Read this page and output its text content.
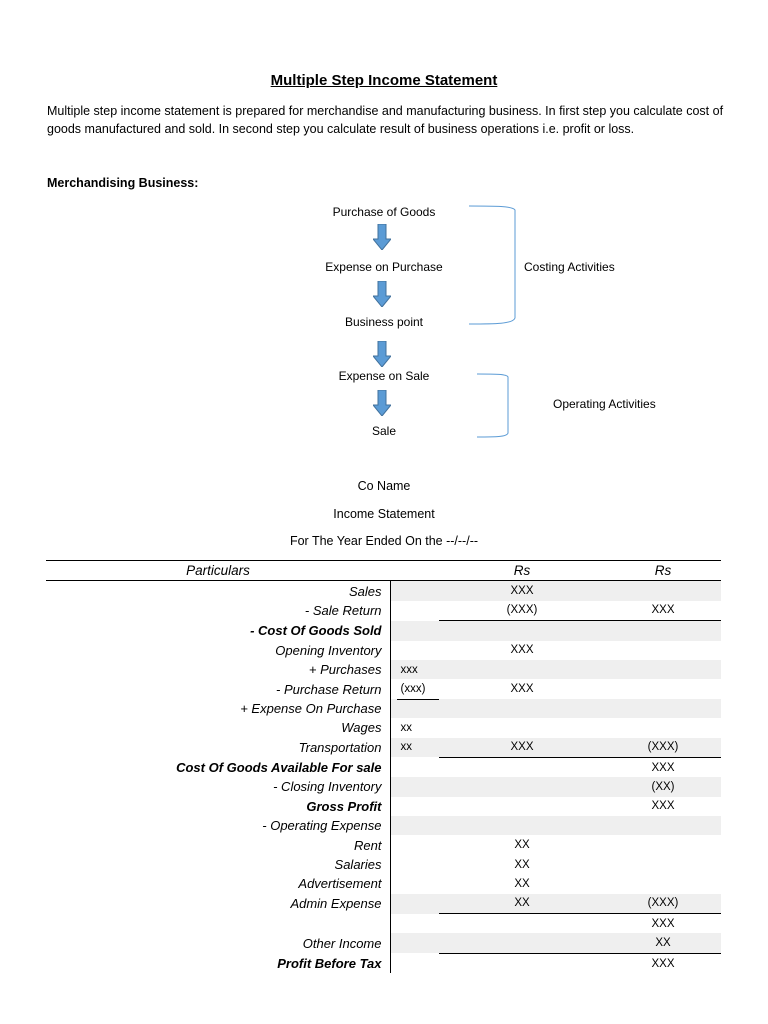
Multiple Step Income Statement
Multiple step income statement is prepared for merchandise and manufacturing business. In first step you calculate cost of goods manufactured and sold. In second step you calculate result of business operations i.e. profit or loss.
Merchandising Business:
Purchase of Goods
Expense on Purchase
Business point
Expense on Sale
Sale
Costing Activities
Operating Activities
Co Name
Income Statement
For The Year Ended On the --/--/--
Particulars		Rs	Rs
Sales		XXX	
- Sale Return		(XXX)	XXX
- Cost Of Goods Sold			
Opening Inventory		XXX	
+ Purchases	xxx		
- Purchase Return	(xxx)	XXX	
+ Expense On Purchase			
Wages	xx		
Transportation	xx	XXX	(XXX)
Cost Of Goods Available For sale			XXX
- Closing Inventory			(XX)
Gross Profit			XXX
- Operating Expense			
Rent		XX	
Salaries		XX	
Advertisement		XX	
Admin Expense		XX	(XXX)
			XXX
Other Income			XX
Profit Before Tax			XXX
